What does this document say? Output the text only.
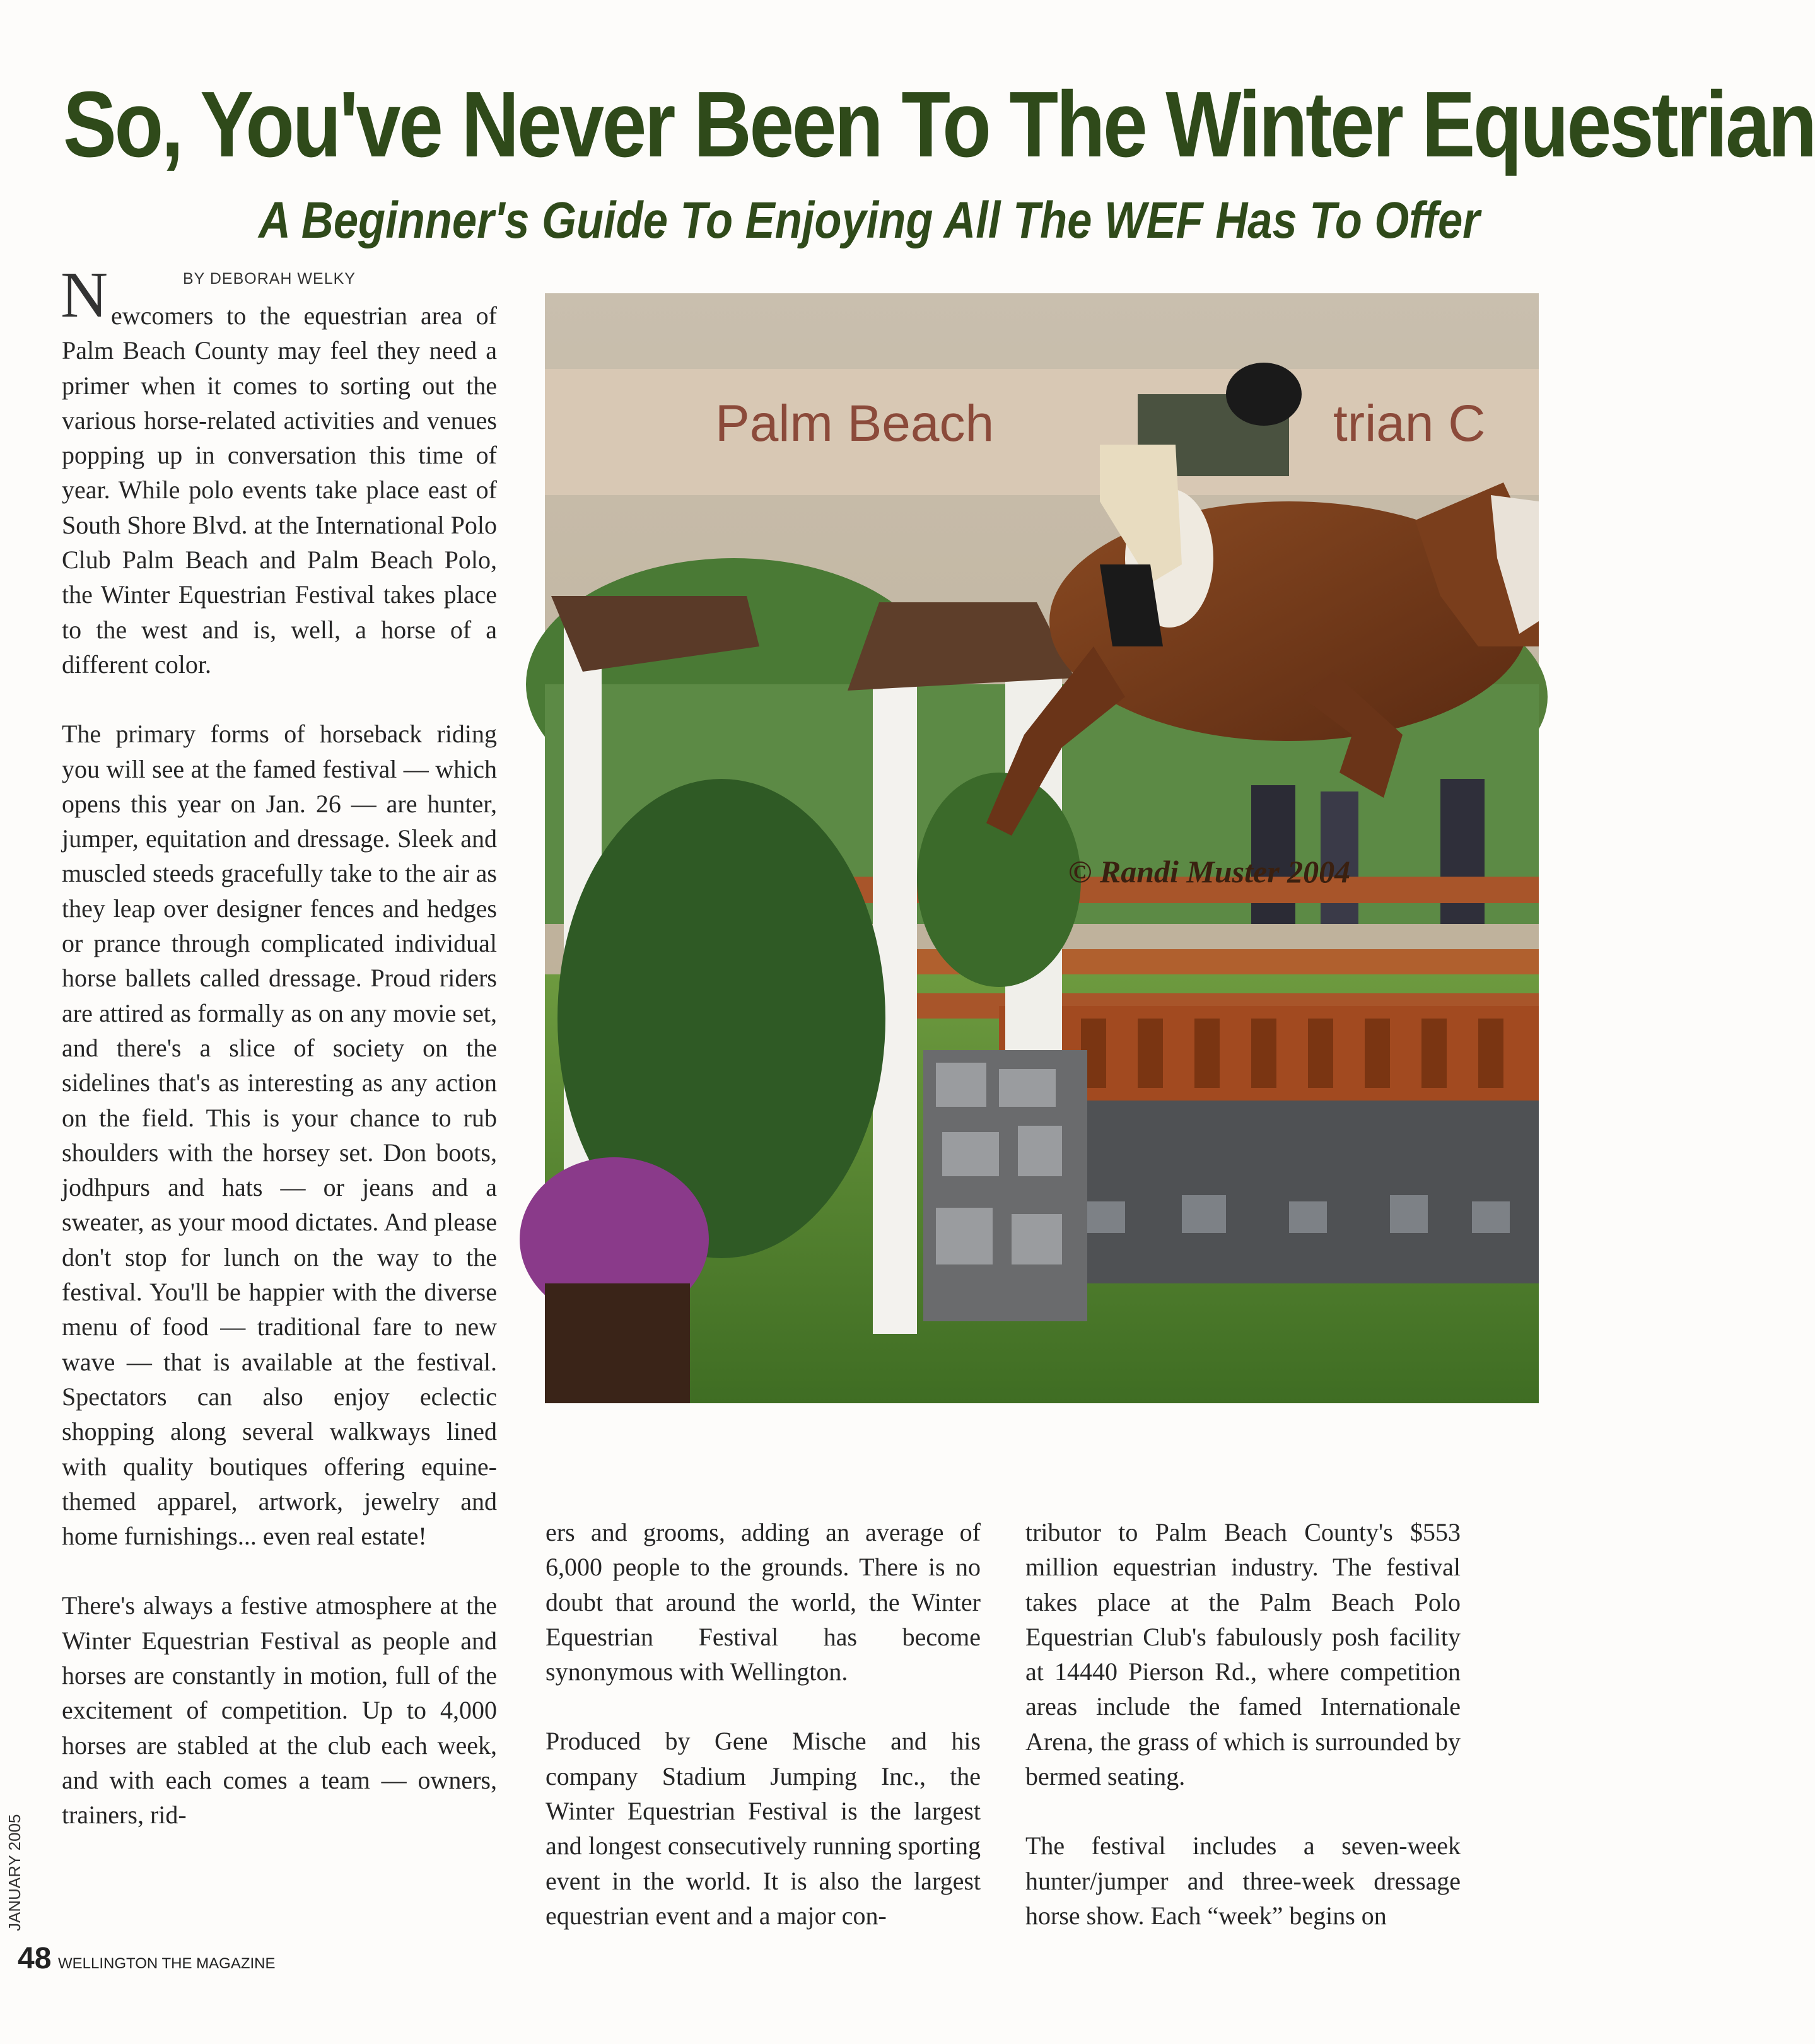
So, You've Never Been To The Winter Equestrian
A Beginner's Guide To Enjoying All The WEF Has To Offer
N	BY DEBORAH WELKY

ewcomers to the equestrian area of Palm Beach County may feel they need a primer when it comes to sorting out the various horse-related activities and venues popping up in conversation this time of year. While polo events take place east of South Shore Blvd. at the International Polo Club Palm Beach and Palm Beach Polo, the Winter Equestrian Festival takes place to the west and is, well, a horse of a different color.

The primary forms of horseback riding you will see at the famed festival — which opens this year on Jan. 26 — are hunter, jumper, equitation and dressage. Sleek and muscled steeds gracefully take to the air as they leap over designer fences and hedges or prance through complicated individual horse ballets called dressage. Proud riders are attired as formally as on any movie set, and there's a slice of society on the sidelines that's as interesting as any action on the field. This is your chance to rub shoulders with the horsey set. Don boots, jodhpurs and hats — or jeans and a sweater, as your mood dictates. And please don't stop for lunch on the way to the festival. You'll be happier with the diverse menu of food — traditional fare to new wave — that is available at the festival. Spectators can also enjoy eclectic shopping along several walkways lined with quality boutiques offering equine-themed apparel, artwork, jewelry and home furnishings... even real estate!

There's always a festive atmosphere at the Winter Equestrian Festival as people and horses are constantly in motion, full of the excitement of competition. Up to 4,000 horses are stabled at the club each week, and with each comes a team — owners, trainers, rid-

Palm Beach	trian C
© Randi Muster 2004

ers and grooms, adding an average of 6,000 people to the grounds. There is no doubt that around the world, the Winter Equestrian Festival has become synonymous with Wellington.

Produced by Gene Mische and his company Stadium Jumping Inc., the Winter Equestrian Festival is the largest and longest consecutively running sporting event in the world. It is also the largest equestrian event and a major con-

tributor to Palm Beach County's $553 million equestrian industry. The festival takes place at the Palm Beach Polo Equestrian Club's fabulously posh facility at 14440 Pierson Rd., where competition areas include the famed Internationale Arena, the grass of which is surrounded by bermed seating.

The festival includes a seven-week hunter/jumper and three-week dressage horse show. Each “week” begins on

JANUARY 2005
48 WELLINGTON THE MAGAZINE
